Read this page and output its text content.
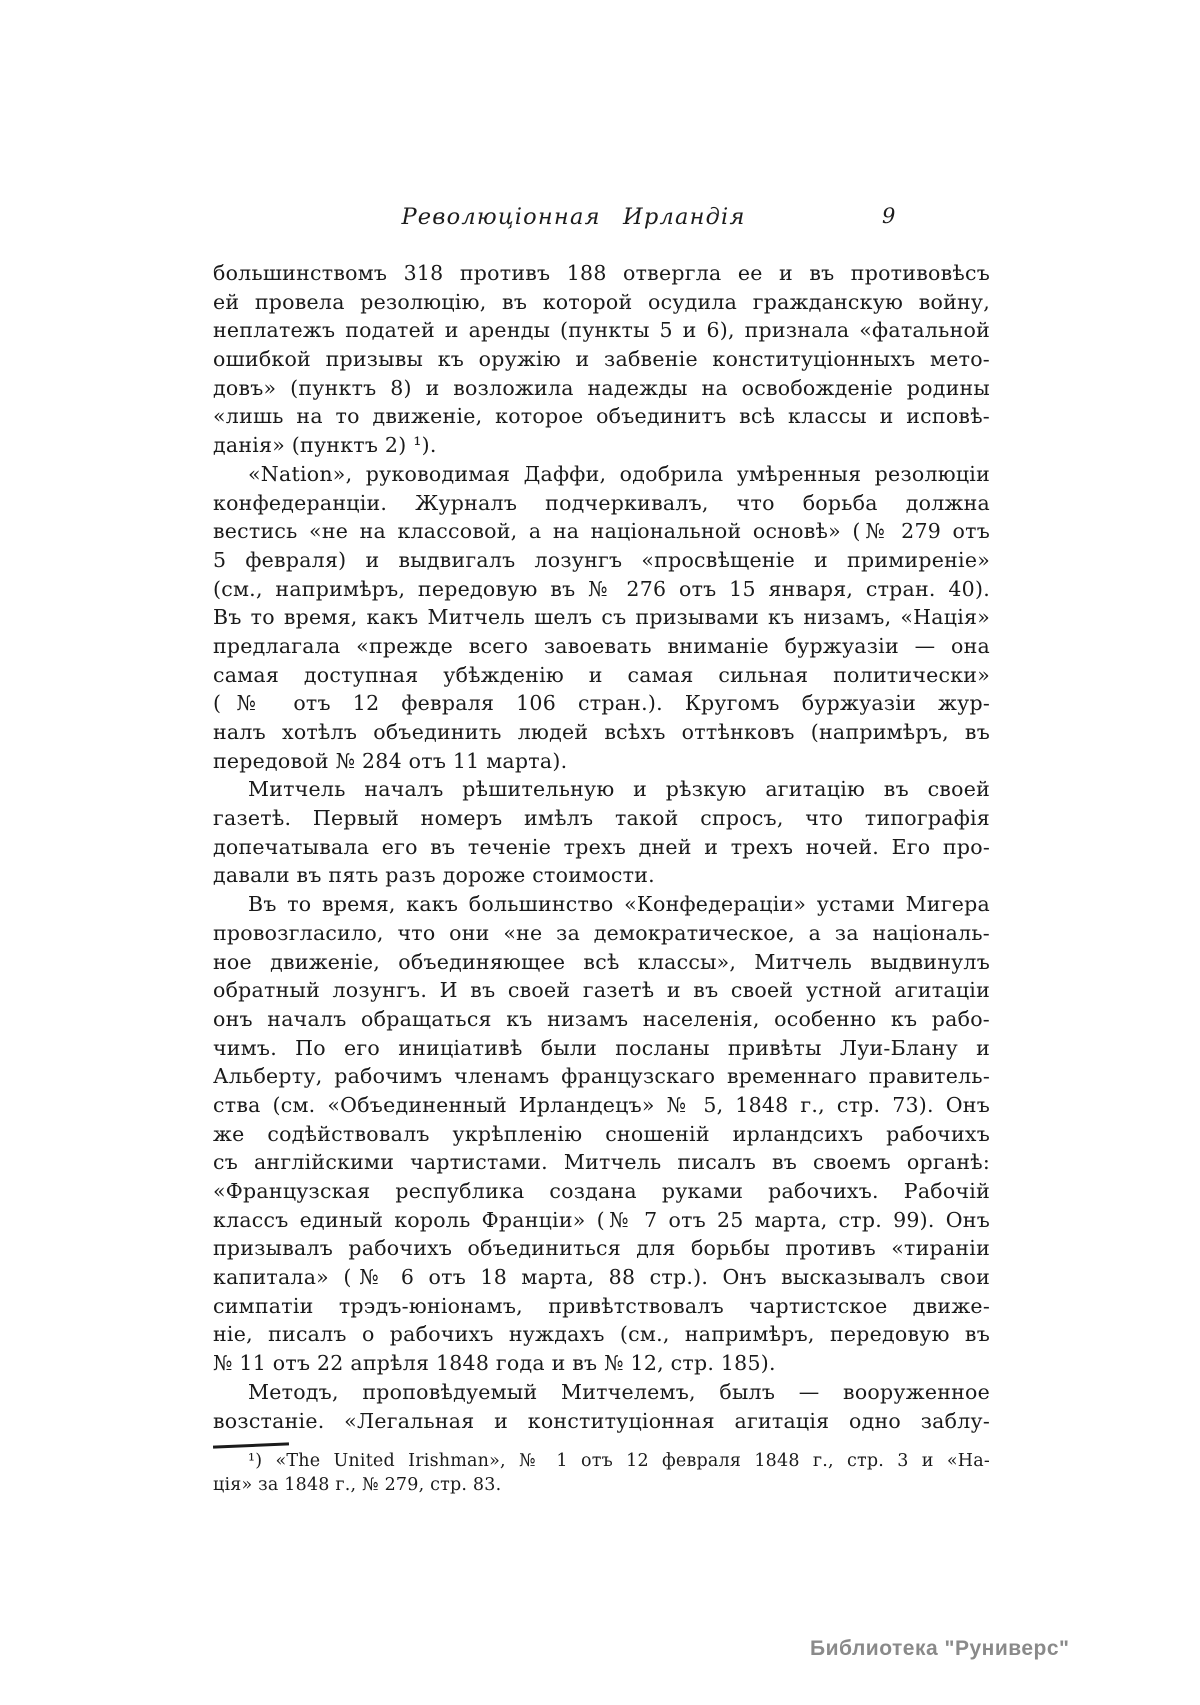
Революціонная Ирландія	9
большинствомъ 318 противъ 188 отвергла ее и въ противовѣсъ
ей провела резолюцію, въ которой осудила гражданскую войну,
неплатежъ податей и аренды (пункты 5 и 6), признала «фатальной
ошибкой призывы къ оружію и забвеніе конституціонныхъ мето-
довъ» (пунктъ 8) и возложила надежды на освобожденіе родины
«лишь на то движеніе, которое объединитъ всѣ классы и исповѣ-
данія» (пунктъ 2) ¹).
«Nation», руководимая Даффи, одобрила умѣренныя резолюціи
конфедеранціи. Журналъ подчеркивалъ, что борьба должна
вестись «не на классовой, а на національной основѣ» (№ 279 отъ
5 февраля) и выдвигалъ лозунгъ «просвѣщеніе и примиреніе»
(см., напримѣръ, передовую въ № 276 отъ 15 января, стран. 40).
Въ то время, какъ Митчель шелъ съ призывами къ низамъ, «Нація»
предлагала «прежде всего завоевать вниманіе буржуазіи — она
самая доступная убѣжденію и самая сильная политически»
(№ отъ 12 февраля 106 стран.). Кругомъ буржуазіи жур-
налъ хотѣлъ объединить людей всѣхъ оттѣнковъ (напримѣръ, въ
передовой № 284 отъ 11 марта).
Митчель началъ рѣшительную и рѣзкую агитацію въ своей
газетѣ. Первый номеръ имѣлъ такой спросъ, что типографія
допечатывала его въ теченіе трехъ дней и трехъ ночей. Его про-
давали въ пять разъ дороже стоимости.
Въ то время, какъ большинство «Конфедераціи» устами Мигера
провозгласило, что они «не за демократическое, а за національ-
ное движеніе, объединяющее всѣ классы», Митчель выдвинулъ
обратный лозунгъ. И въ своей газетѣ и въ своей устной агитаціи
онъ началъ обращаться къ низамъ населенія, особенно къ рабо-
чимъ. По его иниціативѣ были посланы привѣты Луи-Блану и
Альберту, рабочимъ членамъ французскаго временнаго правитель-
ства (см. «Объединенный Ирландецъ» № 5, 1848 г., стр. 73). Онъ
же содѣйствовалъ укрѣпленію сношеній ирландсихъ рабочихъ
съ англійскими чартистами. Митчель писалъ въ своемъ органѣ:
«Французская республика создана руками рабочихъ. Рабочій
классъ единый король Франціи» (№ 7 отъ 25 марта, стр. 99). Онъ
призывалъ рабочихъ объединиться для борьбы противъ «тираніи
капитала» (№ 6 отъ 18 марта, 88 стр.). Онъ высказывалъ свои
симпатіи трэдъ-юніонамъ, привѣтствовалъ чартистское движе-
ніе, писалъ о рабочихъ нуждахъ (см., напримѣръ, передовую въ
№ 11 отъ 22 апрѣля 1848 года и въ № 12, стр. 185).
Методъ, проповѣдуемый Митчелемъ, былъ — вооруженное
возстаніе. «Легальная и конституціонная агитація одно заблу-
¹) «The United Irishman», № 1 отъ 12 февраля 1848 г., стр. 3 и «На-
ція» за 1848 г., № 279, стр. 83.
Библиотека "Руниверс"
